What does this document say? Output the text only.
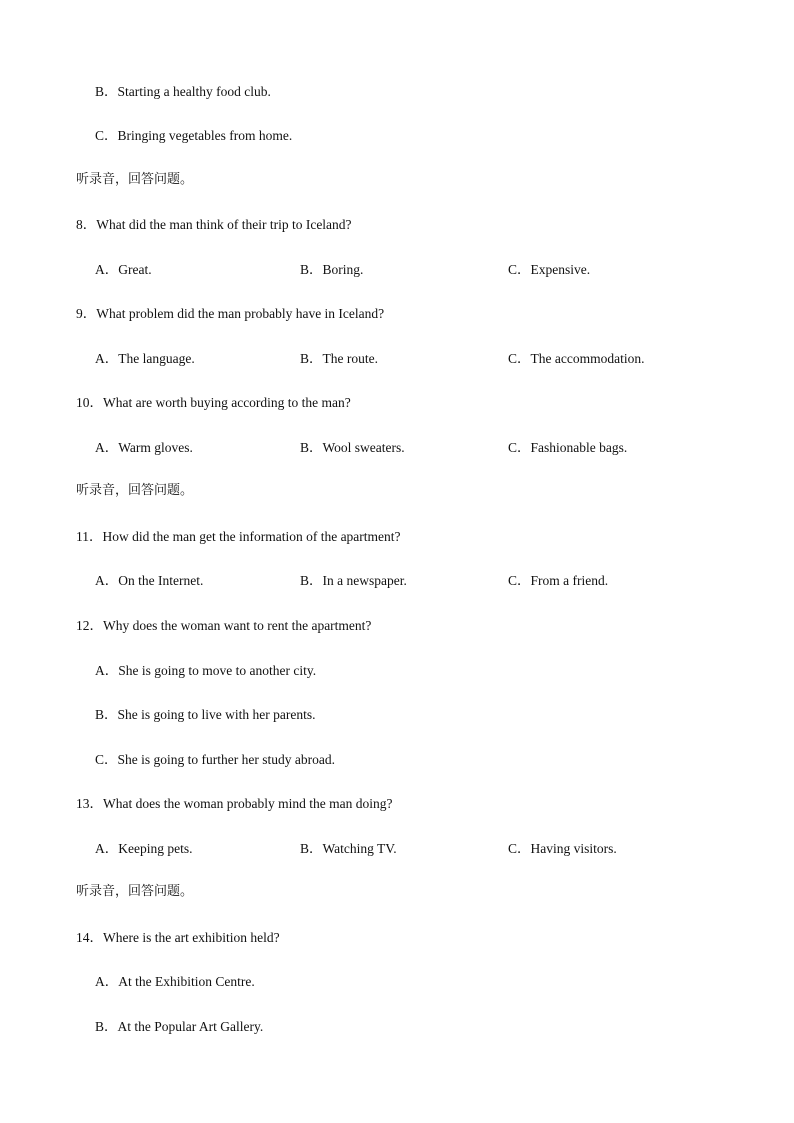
B．Starting a healthy food club.
C．Bringing vegetables from home.
听录音，回答问题。
8．What did the man think of their trip to Iceland?
A．Great.	B．Boring.	C．Expensive.
9．What problem did the man probably have in Iceland?
A．The language.	B．The route.	C．The accommodation.
10．What are worth buying according to the man?
A．Warm gloves.	B．Wool sweaters.	C．Fashionable bags.
听录音，回答问题。
11．How did the man get the information of the apartment?
A．On the Internet.	B．In a newspaper.	C．From a friend.
12．Why does the woman want to rent the apartment?
A．She is going to move to another city.
B．She is going to live with her parents.
C．She is going to further her study abroad.
13．What does the woman probably mind the man doing?
A．Keeping pets.	B．Watching TV.	C．Having visitors.
听录音，回答问题。
14．Where is the art exhibition held?
A．At the Exhibition Centre.
B．At the Popular Art Gallery.
